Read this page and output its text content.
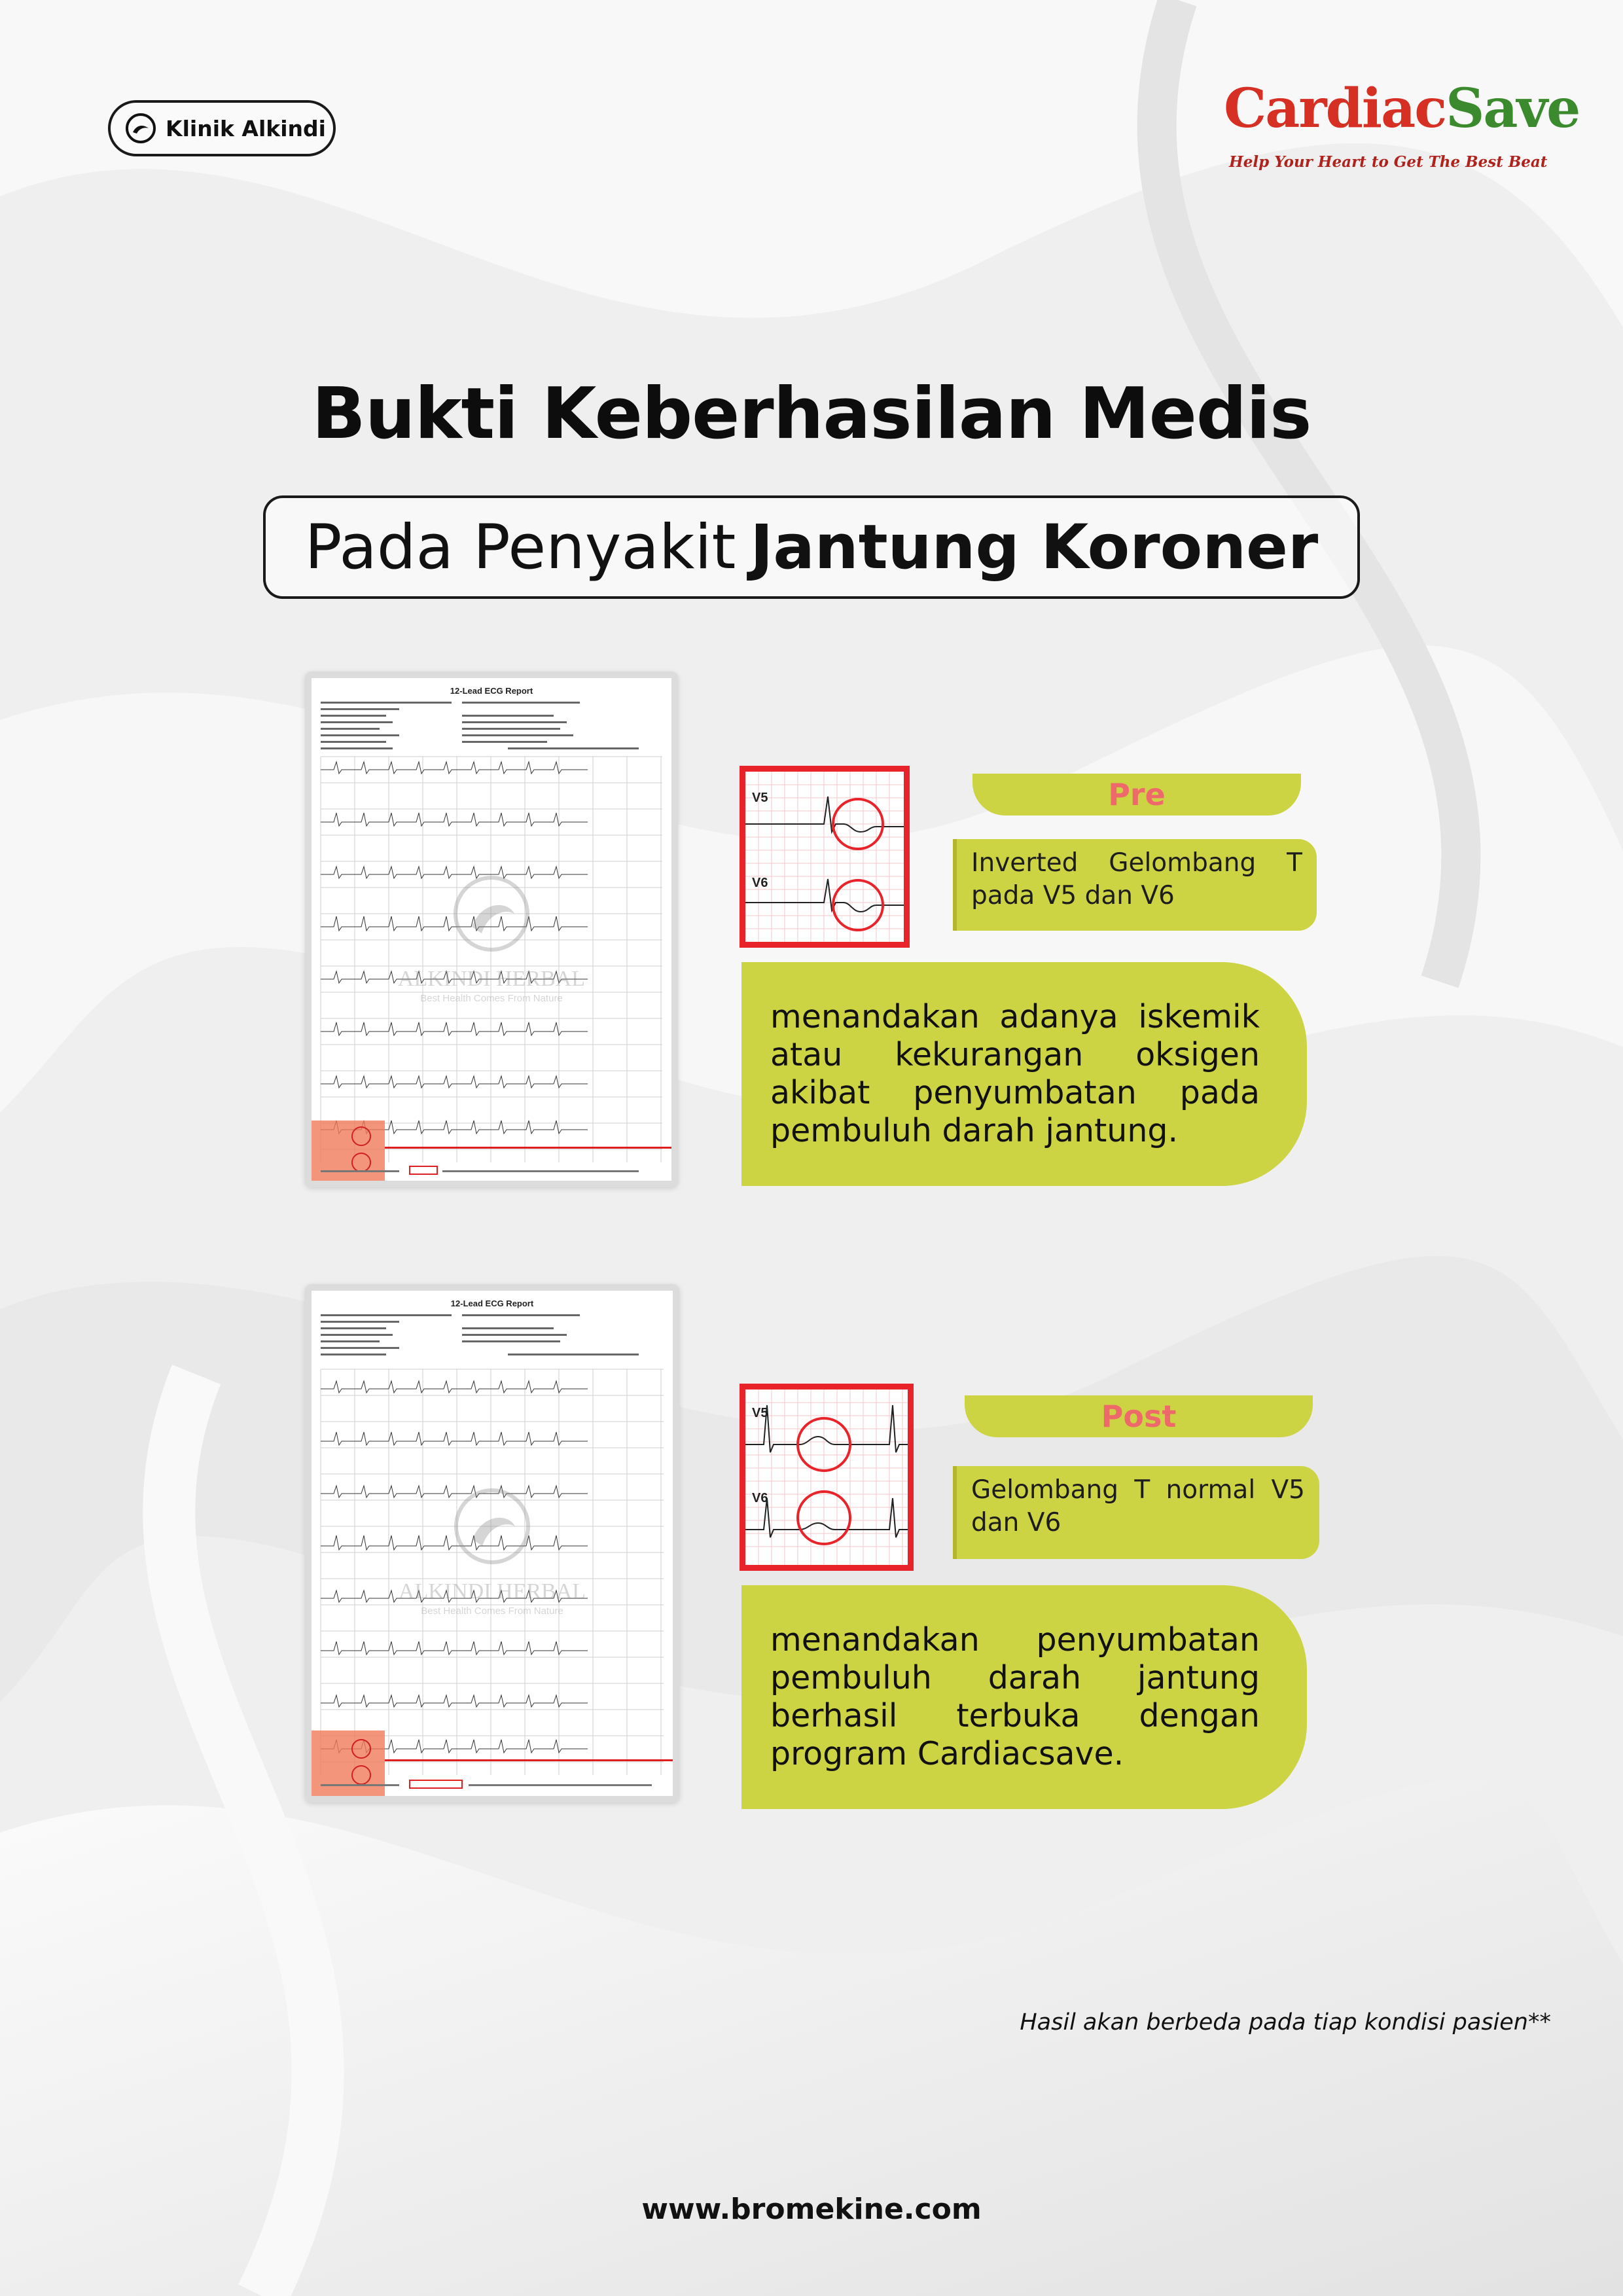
Klinik Alkindi	CardiacSave
Help Your Heart to Get The Best Beat
Bukti Keberhasilan Medis
Pada Penyakit Jantung Koroner
12-Lead ECG Report
ALKINDI HERBAL
Best Health Comes From Nature
V5
V6
Pre
Inverted Gelombang T pada V5 dan V6
menandakan adanya iskemik atau kekurangan oksigen akibat penyumbatan pada pembuluh darah jantung.
12-Lead ECG Report
ALKINDI HERBAL
Best Health Comes From Nature
V5
V6
Post
Gelombang T normal V5 dan V6
menandakan penyumbatan pembuluh darah jantung berhasil terbuka dengan program Cardiacsave.
Hasil akan berbeda pada tiap kondisi pasien**
www.bromekine.com
